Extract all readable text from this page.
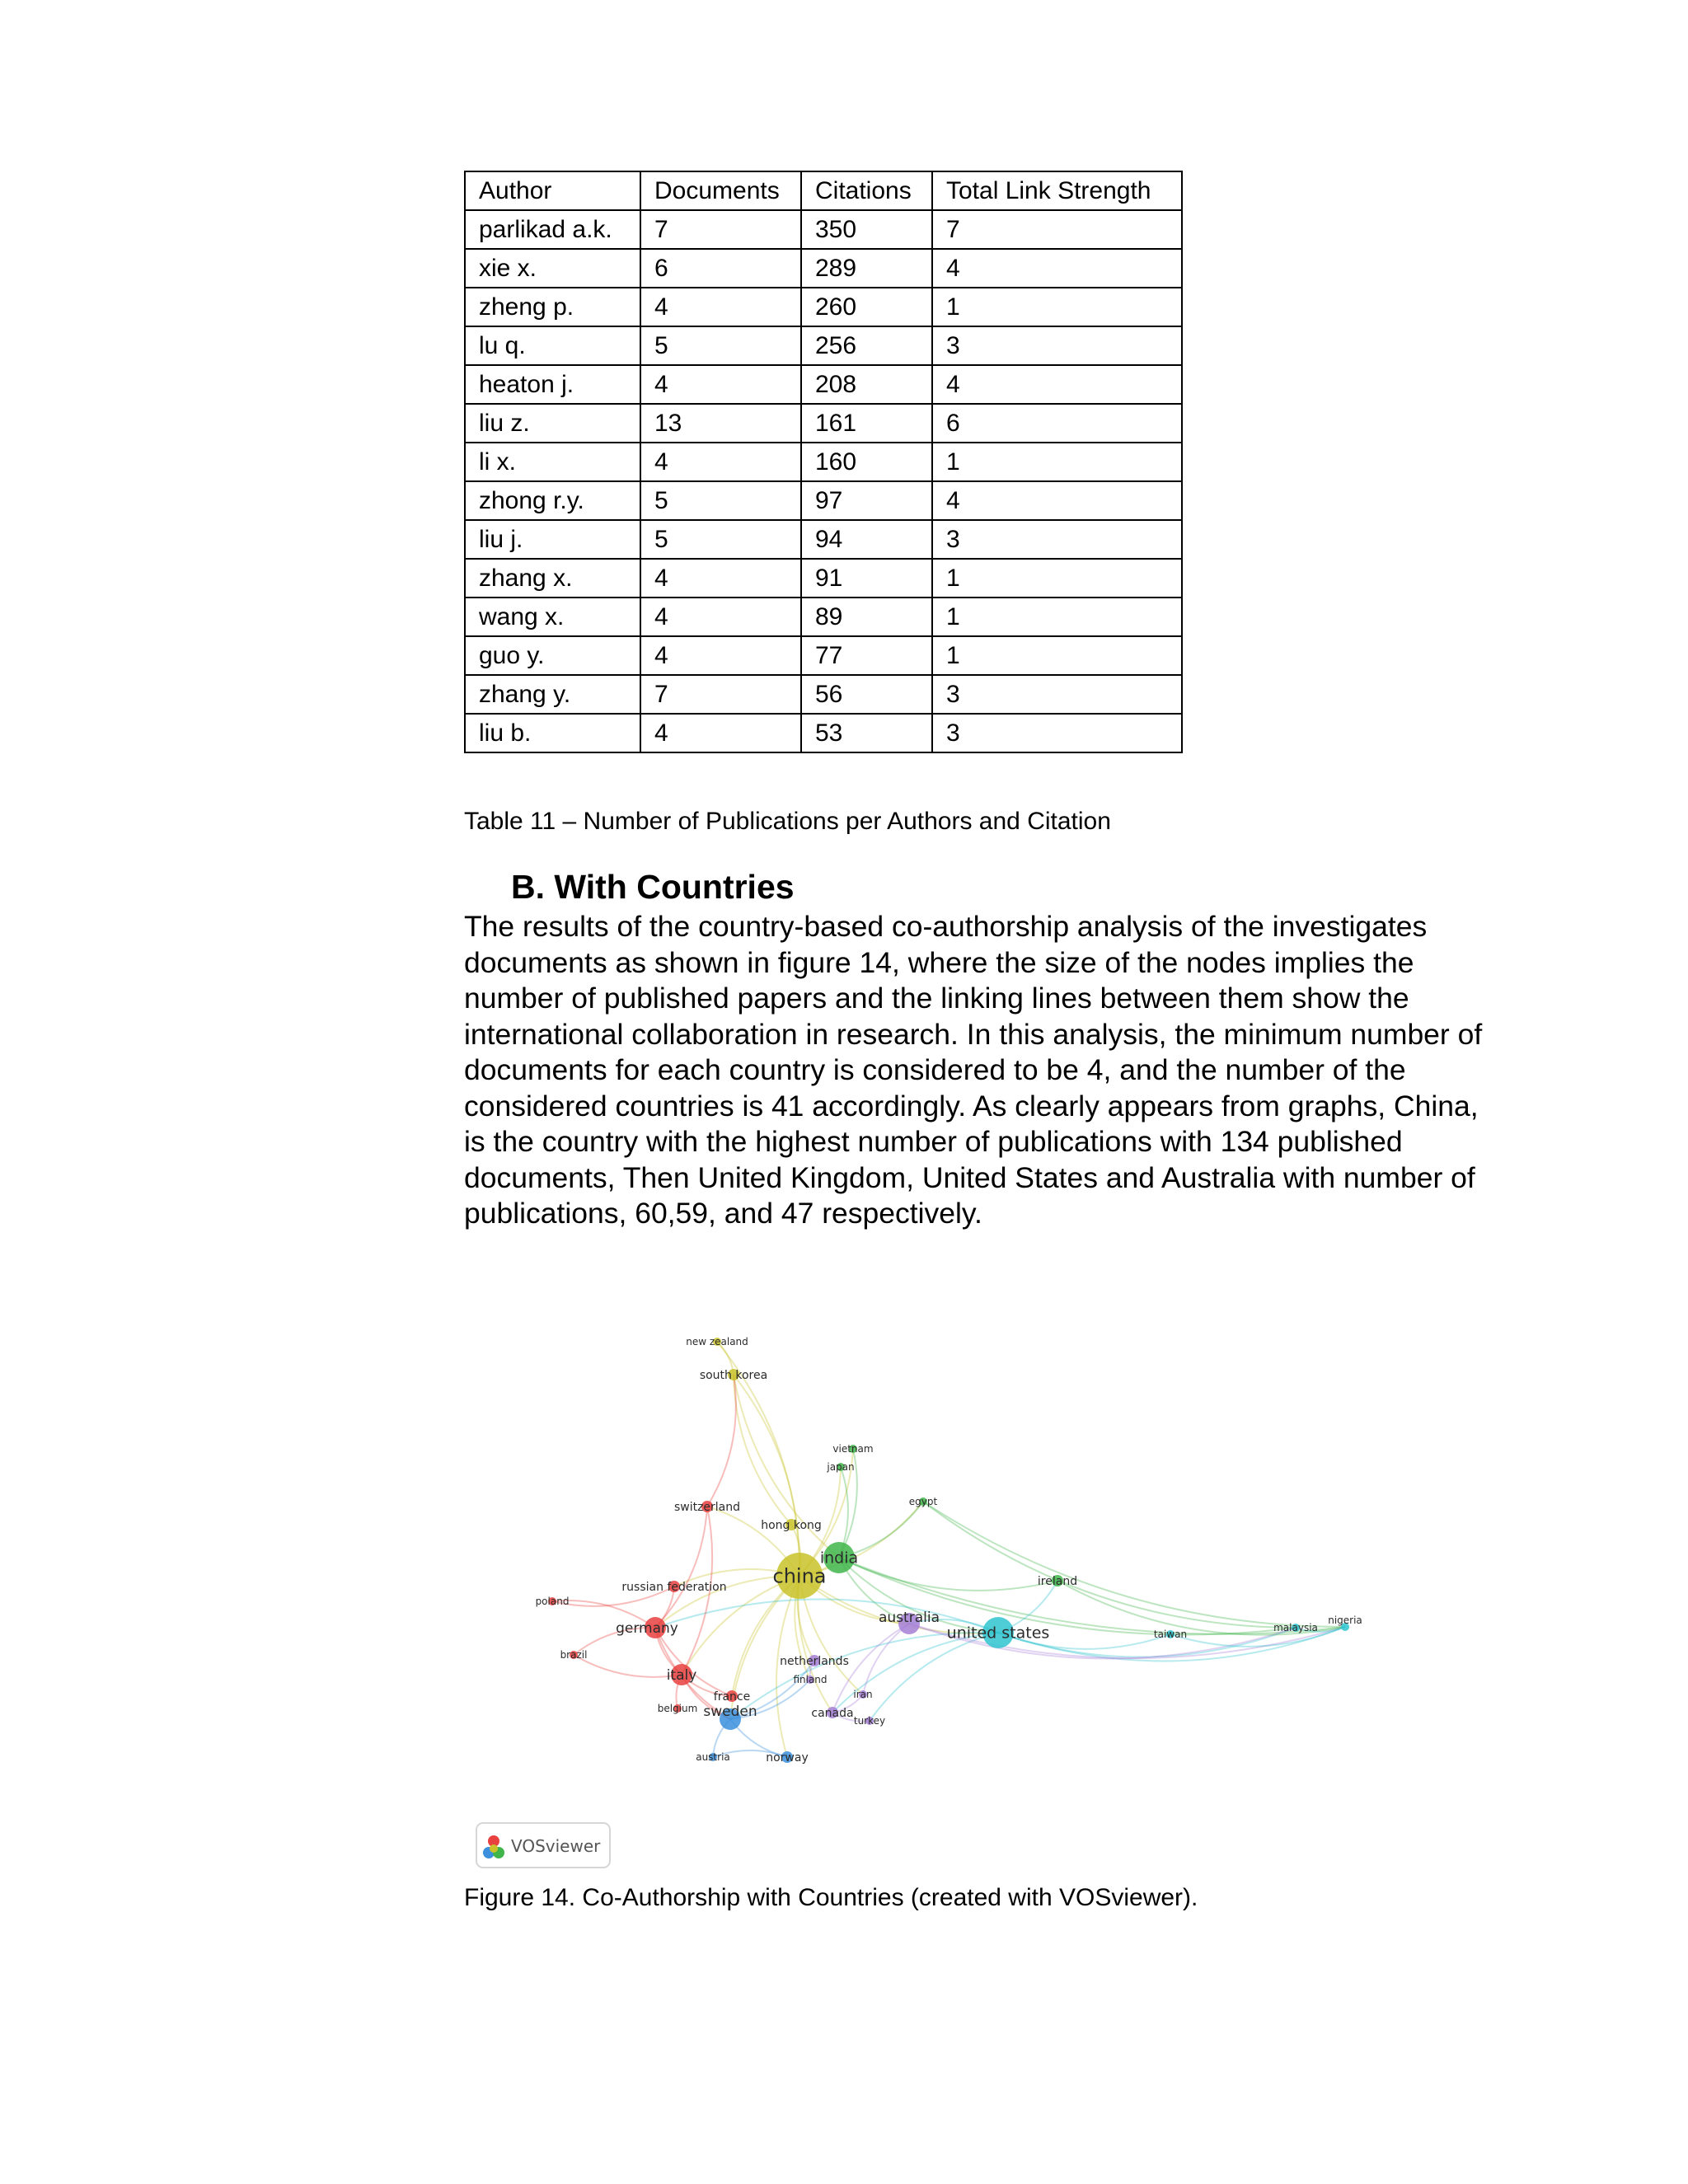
Author	Documents	Citations	Total Link Strength
parlikad a.k.	7	350	7
xie x.	6	289	4
zheng p.	4	260	1
lu q.	5	256	3
heaton j.	4	208	4
liu z.	13	161	6
li x.	4	160	1
zhong r.y.	5	97	4
liu j.	5	94	3
zhang x.	4	91	1
wang x.	4	89	1
guo y.	4	77	1
zhang y.	7	56	3
liu b.	4	53	3
Table 11 – Number of Publications per Authors and Citation
B. With Countries

The results of the country-based co-authorship analysis of the investigates documents as shown in figure 14, where the size of the nodes implies the number of published papers and the linking lines between them show the international collaboration in research. In this analysis, the minimum number of documents for each country is considered to be 4, and the number of the considered countries is 41 accordingly. As clearly appears from graphs, China, is the country with the highest number of publications with 134 published documents, Then United Kingdom, United States and Australia with number of publications, 60,59, and 47 respectively.

new zealand
south korea
vietnam
japan
egypt
switzerland
hong kong
india
china	ireland
russian federation
poland
germany
australia
united states	taiwan
malaysia
nigeria
brazil	netherlands
italy	finland
france	iran
belgium	canada
sweden
turkey
austria	norway
VOSviewer
Figure 14. Co-Authorship with Countries (created with VOSviewer).
